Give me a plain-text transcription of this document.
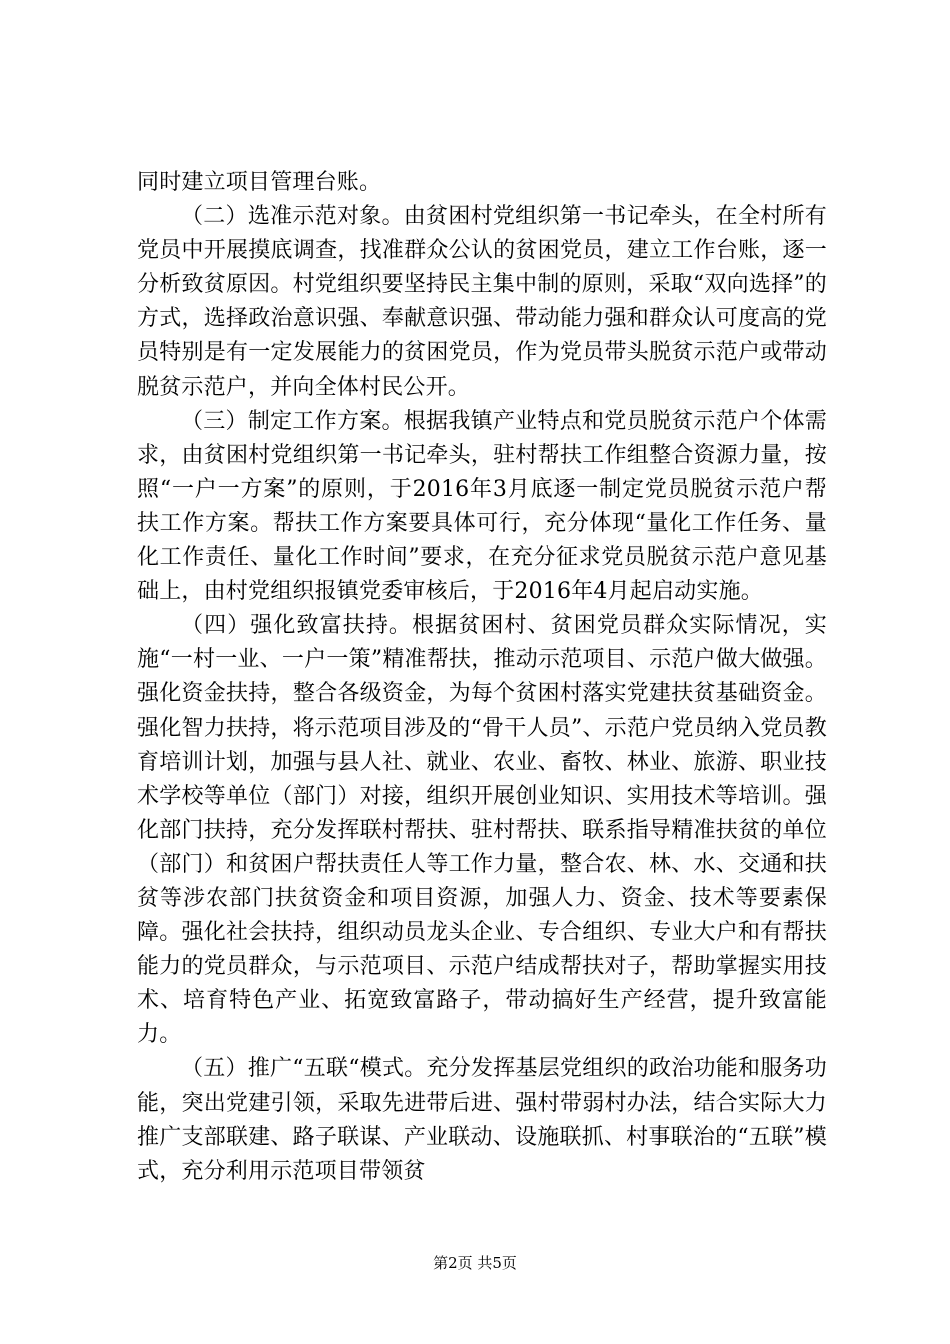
同时建立项目管理台账。

（二）选准示范对象。由贫困村党组织第一书记牵头，在全村所有党员中开展摸底调查，找准群众公认的贫困党员，建立工作台账，逐一分析致贫原因。村党组织要坚持民主集中制的原则，采取“双向选择”的方式，选择政治意识强、奉献意识强、带动能力强和群众认可度高的党员特别是有一定发展能力的贫困党员，作为党员带头脱贫示范户或带动脱贫示范户，并向全体村民公开。

（三）制定工作方案。根据我镇产业特点和党员脱贫示范户个体需求，由贫困村党组织第一书记牵头，驻村帮扶工作组整合资源力量，按照“一户一方案”的原则，于2016年3月底逐一制定党员脱贫示范户帮扶工作方案。帮扶工作方案要具体可行，充分体现“量化工作任务、量化工作责任、量化工作时间”要求，在充分征求党员脱贫示范户意见基础上，由村党组织报镇党委审核后，于2016年4月起启动实施。

（四）强化致富扶持。根据贫困村、贫困党员群众实际情况，实施“一村一业、一户一策”精准帮扶，推动示范项目、示范户做大做强。强化资金扶持，整合各级资金，为每个贫困村落实党建扶贫基础资金。强化智力扶持，将示范项目涉及的“骨干人员”、示范户党员纳入党员教育培训计划，加强与县人社、就业、农业、畜牧、林业、旅游、职业技术学校等单位（部门）对接，组织开展创业知识、实用技术等培训。强化部门扶持，充分发挥联村帮扶、驻村帮扶、联系指导精准扶贫的单位（部门）和贫困户帮扶责任人等工作力量，整合农、林、水、交通和扶贫等涉农部门扶贫资金和项目资源，加强人力、资金、技术等要素保障。强化社会扶持，组织动员龙头企业、专合组织、专业大户和有帮扶能力的党员群众，与示范项目、示范户结成帮扶对子，帮助掌握实用技术、培育特色产业、拓宽致富路子，带动搞好生产经营，提升致富能力。

（五）推广“五联“模式。充分发挥基层党组织的政治功能和服务功能，突出党建引领，采取先进带后进、强村带弱村办法，结合实际大力推广支部联建、路子联谋、产业联动、设施联抓、村事联治的“五联”模式，充分利用示范项目带领贫

第2页 共5页
